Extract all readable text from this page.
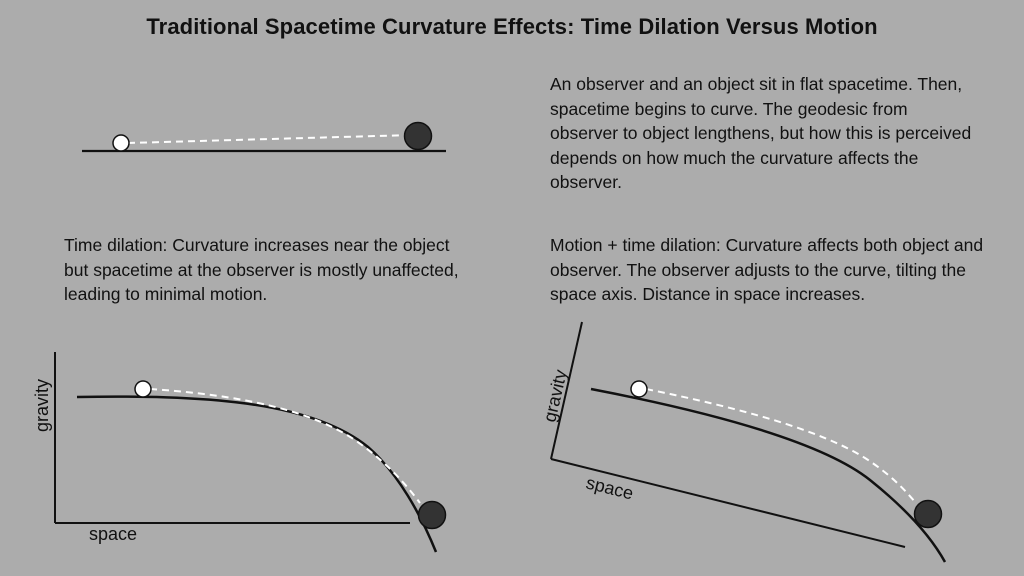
Traditional Spacetime Curvature Effects: Time Dilation Versus Motion
An observer and an object sit in flat spacetime. Then, spacetime begins to curve. The geodesic from observer to object lengthens, but how this is perceived depends on how much the curvature affects the observer.
Time dilation: Curvature increases near the object but spacetime at the observer is mostly unaffected, leading to minimal motion.
Motion + time dilation: Curvature affects both object and observer. The observer adjusts to the curve, tilting the space axis. Distance in space increases.
gravity
space
gravity
space
